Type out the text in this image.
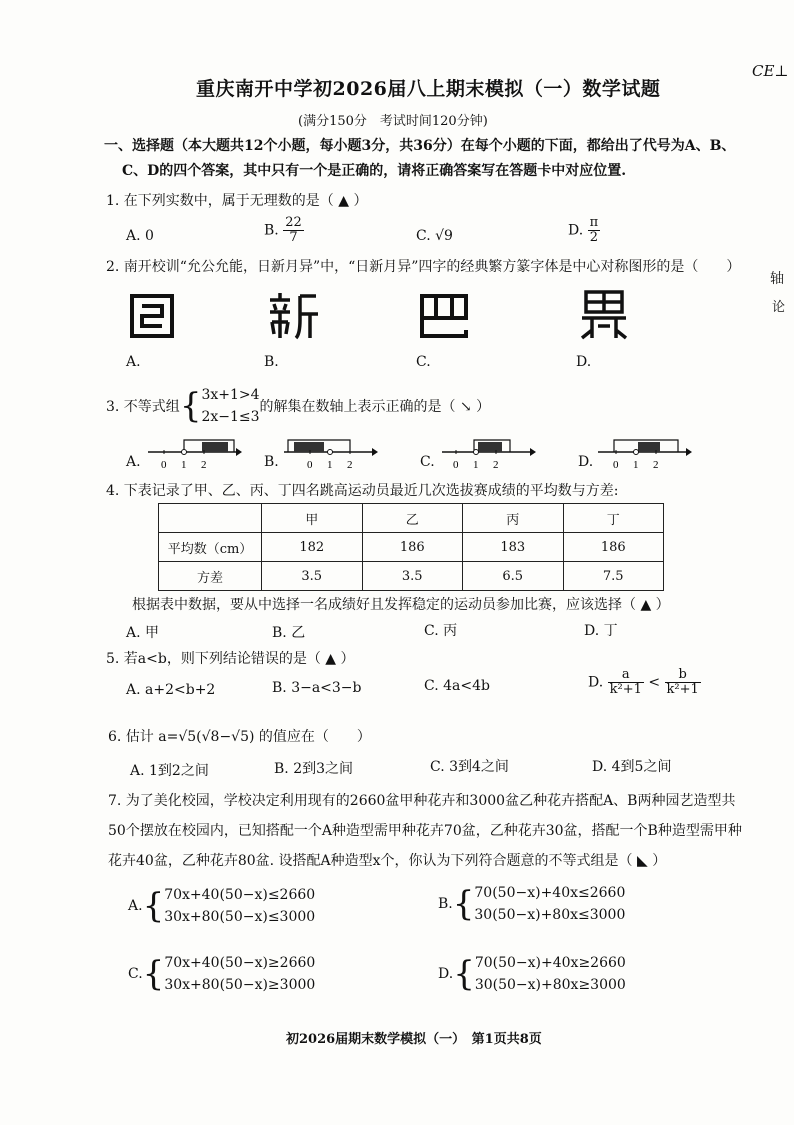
CE⊥
轴
论
重庆南开中学初2026届八上期末模拟（一）数学试题
(满分150分　考试时间120分钟)
一、选择题（本大题共12个小题，每小题3分，共36分）在每个小题的下面，都给出了代号为A、B、
C、D的四个答案，其中只有一个是正确的，请将正确答案写在答题卡中对应位置.
1. 在下列实数中，属于无理数的是（ ▲ ）
A. 0	B. $\frac{22}{7}$	C. √9	D. $\frac{\pi}{2}$
2. 南开校训“允公允能，日新月异”中，“日新月异”四字的经典繁方篆字体是中心对称图形的是（　　）
A.	B.	C.	D.
3. 不等式组{ 3x+1>4
2x−1≤3
的解集在数轴上表示正确的是（ ↘ ）
A. 0 1 2	B.	0 1 2	C. 0 1 2	D. 0 1 2
4. 下表记录了甲、乙、丙、丁四名跳高运动员最近几次选拔赛成绩的平均数与方差:
	甲	乙	丙	丁
平均数（cm）	182	186	183	186
方差	3.5	3.5	6.5	7.5
根据表中数据，要从中选择一名成绩好且发挥稳定的运动员参加比赛，应该选择（ ▲ ）
A. 甲	B. 乙	C. 丙	D. 丁
5. 若a<b，则下列结论错误的是（ ▲ ）
A. a+2<b+2	B. 3−a<3−b	C. 4a<4b	D. $\frac{a}{\text{k²+1}} < \frac{b}{\text{k²+1}}$
6. 估计 a=√5(√8−√5) 的值应在（　　）
A. 1到2之间	B. 2到3之间	C. 3到4之间	D. 4到5之间
7. 为了美化校园，学校决定利用现有的2660盆甲种花卉和3000盆乙种花卉搭配A、B两种园艺造型共
50个摆放在校园内，已知搭配一个A种造型需甲种花卉70盆，乙种花卉30盆，搭配一个B种造型需甲种
花卉40盆，乙种花卉80盆. 设搭配A种造型x个，你认为下列符合题意的不等式组是（ ◣ ）
A.{ 70x+40(50−x)≤2660
30x+80(50−x)≤3000
B.{ 70(50−x)+40x≤2660
30(50−x)+80x≤3000
C.{ 70x+40(50−x)≥2660
30x+80(50−x)≥3000
D.{ 70(50−x)+40x≥2660
30(50−x)+80x≥3000
初2026届期末数学模拟（一）　第1页共8页
